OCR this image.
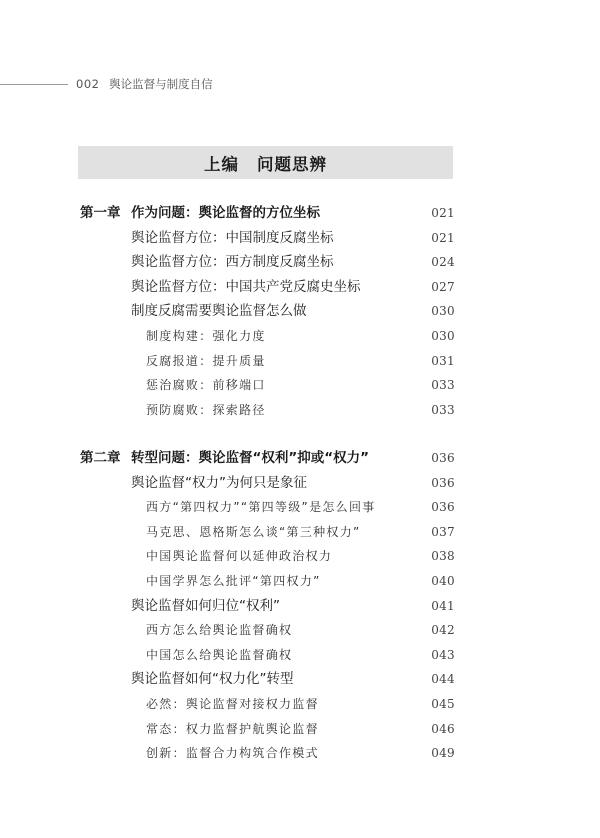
002 舆论监督与制度自信
上编 问题思辨
第一章 作为问题：舆论监督的方位坐标	021
舆论监督方位：中国制度反腐坐标	021
舆论监督方位：西方制度反腐坐标	024
舆论监督方位：中国共产党反腐史坐标	027
制度反腐需要舆论监督怎么做	030
制度构建：强化力度	030
反腐报道：提升质量	031
惩治腐败：前移端口	033
预防腐败：探索路径	033
第二章 转型问题：舆论监督“权利”抑或“权力”	036
舆论监督“权力”为何只是象征	036
西方“第四权力”“第四等级”是怎么回事	036
马克思、恩格斯怎么谈“第三种权力”	037
中国舆论监督何以延伸政治权力	038
中国学界怎么批评“第四权力”	040
舆论监督如何归位“权利”	041
西方怎么给舆论监督确权	042
中国怎么给舆论监督确权	043
舆论监督如何“权力化”转型	044
必然：舆论监督对接权力监督	045
常态：权力监督护航舆论监督	046
创新：监督合力构筑合作模式	049
